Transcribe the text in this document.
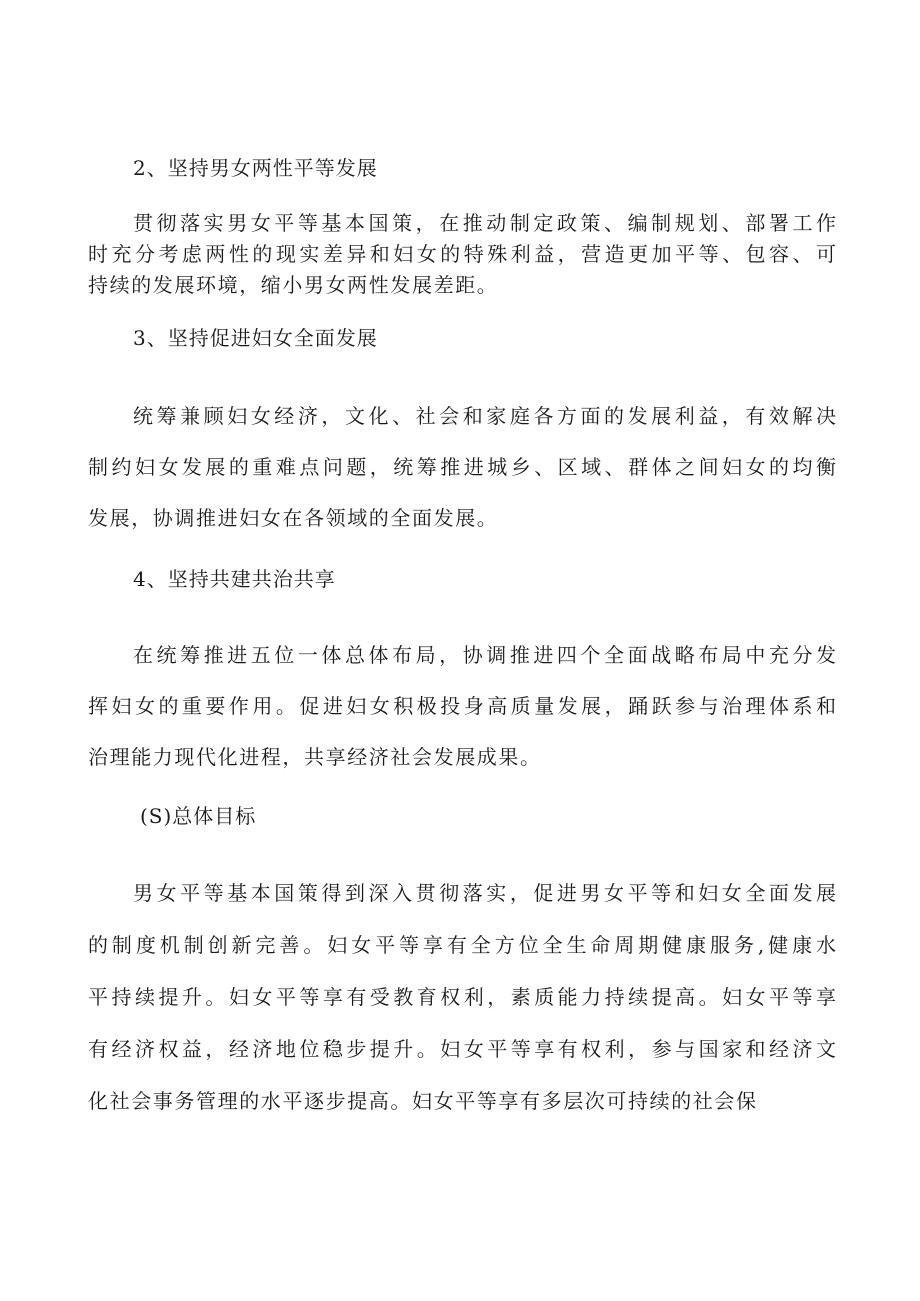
2、坚持男女两性平等发展
贯彻落实男女平等基本国策，在推动制定政策、编制规划、部署工作
时充分考虑两性的现实差异和妇女的特殊利益，营造更加平等、包容、可
持续的发展环境，缩小男女两性发展差距。
3、坚持促进妇女全面发展
统筹兼顾妇女经济，文化、社会和家庭各方面的发展利益，有效解决
制约妇女发展的重难点问题，统筹推进城乡、区域、群体之间妇女的均衡
发展，协调推进妇女在各领域的全面发展。
4、坚持共建共治共享
在统筹推进五位一体总体布局，协调推进四个全面战略布局中充分发
挥妇女的重要作用。促进妇女积极投身高质量发展，踊跃参与治理体系和
治理能力现代化进程，共享经济社会发展成果。
(S)总体目标
男女平等基本国策得到深入贯彻落实，促进男女平等和妇女全面发展
的制度机制创新完善。妇女平等享有全方位全生命周期健康服务,健康水
平持续提升。妇女平等享有受教育权利，素质能力持续提高。妇女平等享
有经济权益，经济地位稳步提升。妇女平等享有权利，参与国家和经济文
化社会事务管理的水平逐步提高。妇女平等享有多层次可持续的社会保
